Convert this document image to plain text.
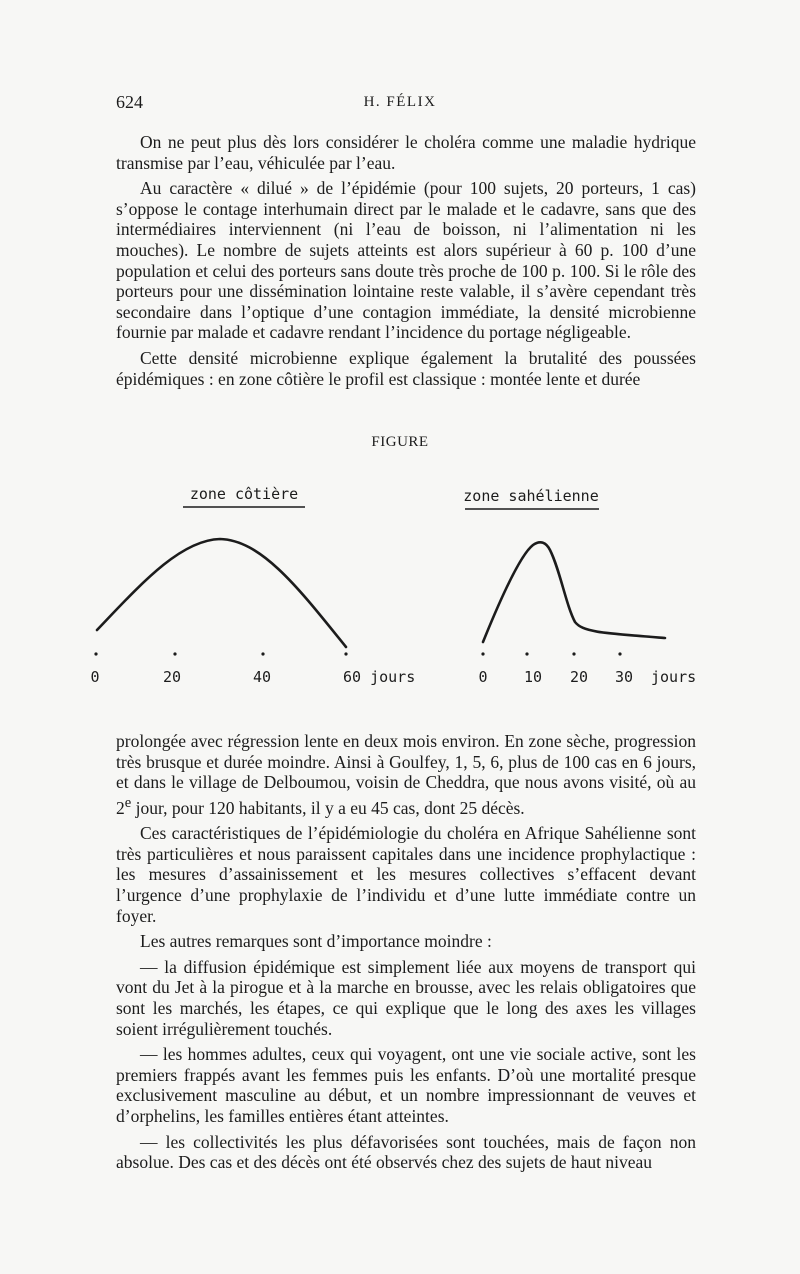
624	H. FÉLIX

On ne peut plus dès lors considérer le choléra comme une maladie hydrique transmise par l’eau, véhiculée par l’eau.

Au caractère « dilué » de l’épidémie (pour 100 sujets, 20 porteurs, 1 cas) s’oppose le contage interhumain direct par le malade et le cadavre, sans que des intermédiaires interviennent (ni l’eau de boisson, ni l’alimentation ni les mouches). Le nombre de sujets atteints est alors supérieur à 60 p. 100 d’une population et celui des porteurs sans doute très proche de 100 p. 100. Si le rôle des porteurs pour une dissémination lointaine reste valable, il s’avère cependant très secondaire dans l’optique d’une contagion immédiate, la densité microbienne fournie par malade et cadavre rendant l’incidence du portage négligeable.

Cette densité microbienne explique également la brutalité des poussées épidémiques : en zone côtière le profil est classique : montée lente et durée

FIGURE
zone côtière
0	20	40	60 jours
zone sahélienne
0 10 20 30 jours

prolongée avec régression lente en deux mois environ. En zone sèche, progression très brusque et durée moindre. Ainsi à Goulfey, 1, 5, 6, plus de 100 cas en 6 jours, et dans le village de Delboumou, voisin de Cheddra, que nous avons visité, où au 2e jour, pour 120 habitants, il y a eu 45 cas, dont 25 décès.

Ces caractéristiques de l’épidémiologie du choléra en Afrique Sahélienne sont très particulières et nous paraissent capitales dans une incidence prophylactique : les mesures d’assainissement et les mesures collectives s’effacent devant l’urgence d’une prophylaxie de l’individu et d’une lutte immédiate contre un foyer.

Les autres remarques sont d’importance moindre :

— la diffusion épidémique est simplement liée aux moyens de transport qui vont du Jet à la pirogue et à la marche en brousse, avec les relais obligatoires que sont les marchés, les étapes, ce qui explique que le long des axes les villages soient irrégulièrement touchés.

— les hommes adultes, ceux qui voyagent, ont une vie sociale active, sont les premiers frappés avant les femmes puis les enfants. D’où une mortalité presque exclusivement masculine au début, et un nombre impressionnant de veuves et d’orphelins, les familles entières étant atteintes.

— les collectivités les plus défavorisées sont touchées, mais de façon non absolue. Des cas et des décès ont été observés chez des sujets de haut niveau
